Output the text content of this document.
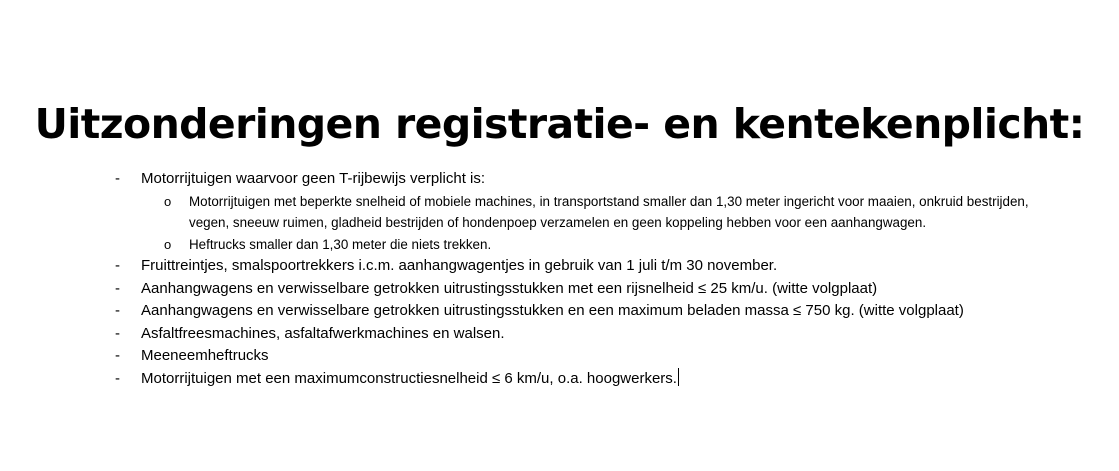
Uitzonderingen registratie- en kentekenplicht:
- Motorrijtuigen waarvoor geen T-rijbewijs verplicht is:
o Motorrijtuigen met beperkte snelheid of mobiele machines, in transportstand smaller dan 1,30 meter ingericht voor maaien, onkruid bestrijden, vegen, sneeuw ruimen, gladheid bestrijden of hondenpoep verzamelen en geen koppeling hebben voor een aanhangwagen.
o Heftrucks smaller dan 1,30 meter die niets trekken.
- Fruittreintjes, smalspoortrekkers i.c.m. aanhangwagentjes in gebruik van 1 juli t/m 30 november.
- Aanhangwagens en verwisselbare getrokken uitrustingsstukken met een rijsnelheid ≤ 25 km/u. (witte volgplaat)
- Aanhangwagens en verwisselbare getrokken uitrustingsstukken en een maximum beladen massa ≤ 750 kg. (witte volgplaat)
- Asfaltfreesmachines, asfaltafwerkmachines en walsen.
- Meeneemheftrucks
- Motorrijtuigen met een maximumconstructiesnelheid ≤ 6 km/u, o.a. hoogwerkers.
